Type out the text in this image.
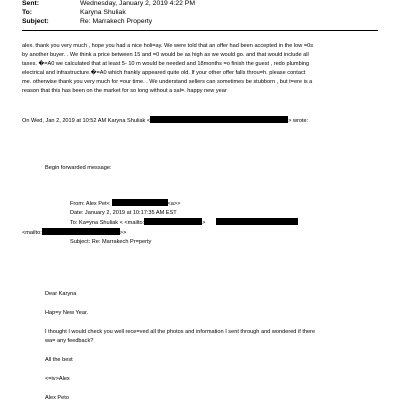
Sent:	Wednesday, January 2, 2019 4:22 PM
To:	Karyna Shuliak
Subject:	Re: Marrakech Property
alex. thank you very much , hope you had a nice holi=ay. We were told that an offer had been accepted in the low =0s
by another buyer. . We think a price between 15 and =0 would be as high as we would go. and that would include all
taxes. �=A0 we calculated that at least 5- 10 m would be needed and 18months =o finish the guest , redo plumbing
electrical and infrastructure.�=A0 which frankly appeared quite old. If your other offer falls throu=h. please contact
me. otherwise thank you very much for =our time. . We understand sellers can sometimes be stubborn , but t=ere is a
reason that this has been on the market for so long without a sal=. happy new year
On Wed, Jan 2, 2019 at 10:52 AM Karyna Shuliak <	> wrote:
Begin forwarded message:
From: Alex Pet<	<a>>
Date: January 2, 2019 at 10:17:35 AM EST
To: Ka=yna Shuliak < <mailto:	>
<mailto:	>>
Subject: Re: Marrakech Pr=perty
Dear Karyna
Hap=y New Year.
I thought I would check you well rece=ved all the photos and information I sent through and wondered if there
wa= any feedback?
All the best
<=iv>Alex
Alex Peto
